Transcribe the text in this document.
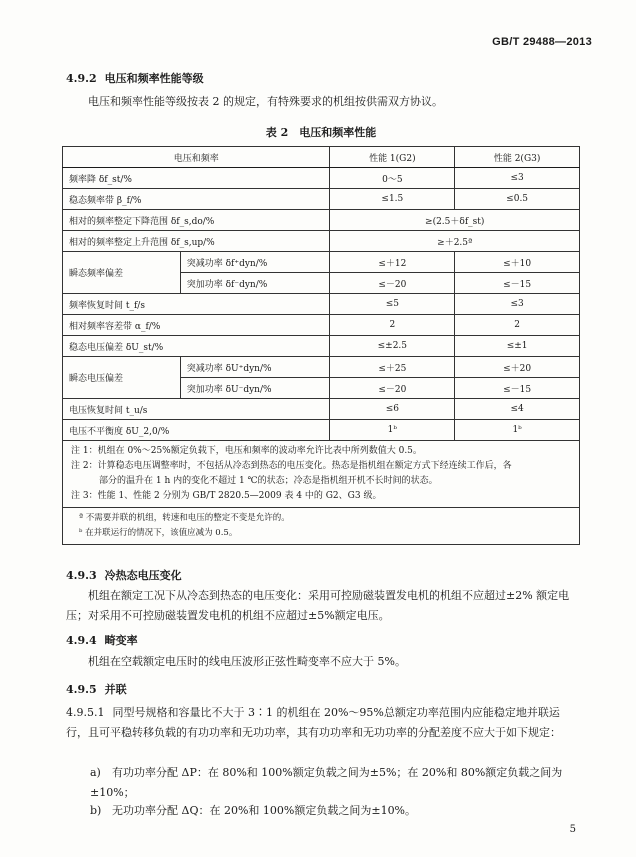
GB/T 29488—2013
4.9.2 电压和频率性能等级
电压和频率性能等级按表 2 的规定，有特殊要求的机组按供需双方协议。
表 2　电压和频率性能
电压和频率		性能 1(G2)	性能 2(G3)
频率降 δf_st/%		0～5	≤3
稳态频率带 β_f/%		≤1.5	≤0.5
相对的频率整定下降范围 δf_s,do/%		≥(2.5＋δf_st)	
相对的频率整定上升范围 δf_s,up/%		≥＋2.5ª	
瞬态频率偏差	突减功率 δf⁺dyn/%	≤＋12	≤＋10
	突加功率 δf⁻dyn/%	≤－20	≤－15
频率恢复时间 t_f/s		≤5	≤3
相对频率容差带 α_f/%		2	2
稳态电压偏差 δU_st/%		≤±2.5	≤±1
瞬态电压偏差	突减功率 δU⁺dyn/%	≤＋25	≤＋20
	突加功率 δU⁻dyn/%	≤－20	≤－15
电压恢复时间 t_u/s		≤6	≤4
电压不平衡度 δU_2,0/%		1ᵇ	1ᵇ

注 1：机组在 0%～25%额定负载下，电压和频率的波动率允许比表中所列数值大 0.5。
注 2：计算稳态电压调整率时，不包括从冷态到热态的电压变化。热态是指机组在额定方式下经连续工作后，各
部分的温升在 1 h 内的变化不超过 1 ℃的状态；冷态是指机组开机不长时间的状态。
注 3：性能 1、性能 2 分别为 GB/T 2820.5—2009 表 4 中的 G2、G3 级。			

ª 不需要并联的机组，转速和电压的整定不变是允许的。
ᵇ 在并联运行的情况下，该值应减为 0.5。			
4.9.3 冷热态电压变化
机组在额定工况下从冷态到热态的电压变化：采用可控励磁装置发电机的机组不应超过±2% 额定电压；对采用不可控励磁装置发电机的机组不应超过±5%额定电压。
4.9.4 畸变率
机组在空载额定电压时的线电压波形正弦性畸变率不应大于 5%。
4.9.5 并联
4.9.5.1 同型号规格和容量比不大于 3∶1 的机组在 20%～95%总额定功率范围内应能稳定地并联运行，且可平稳转移负载的有功功率和无功功率，其有功功率和无功功率的分配差度不应大于如下规定：
a) 有功功率分配 ΔP：在 80%和 100%额定负载之间为±5%；在 20%和 80%额定负载之间为±10%；
b) 无功功率分配 ΔQ：在 20%和 100%额定负载之间为±10%。
5
